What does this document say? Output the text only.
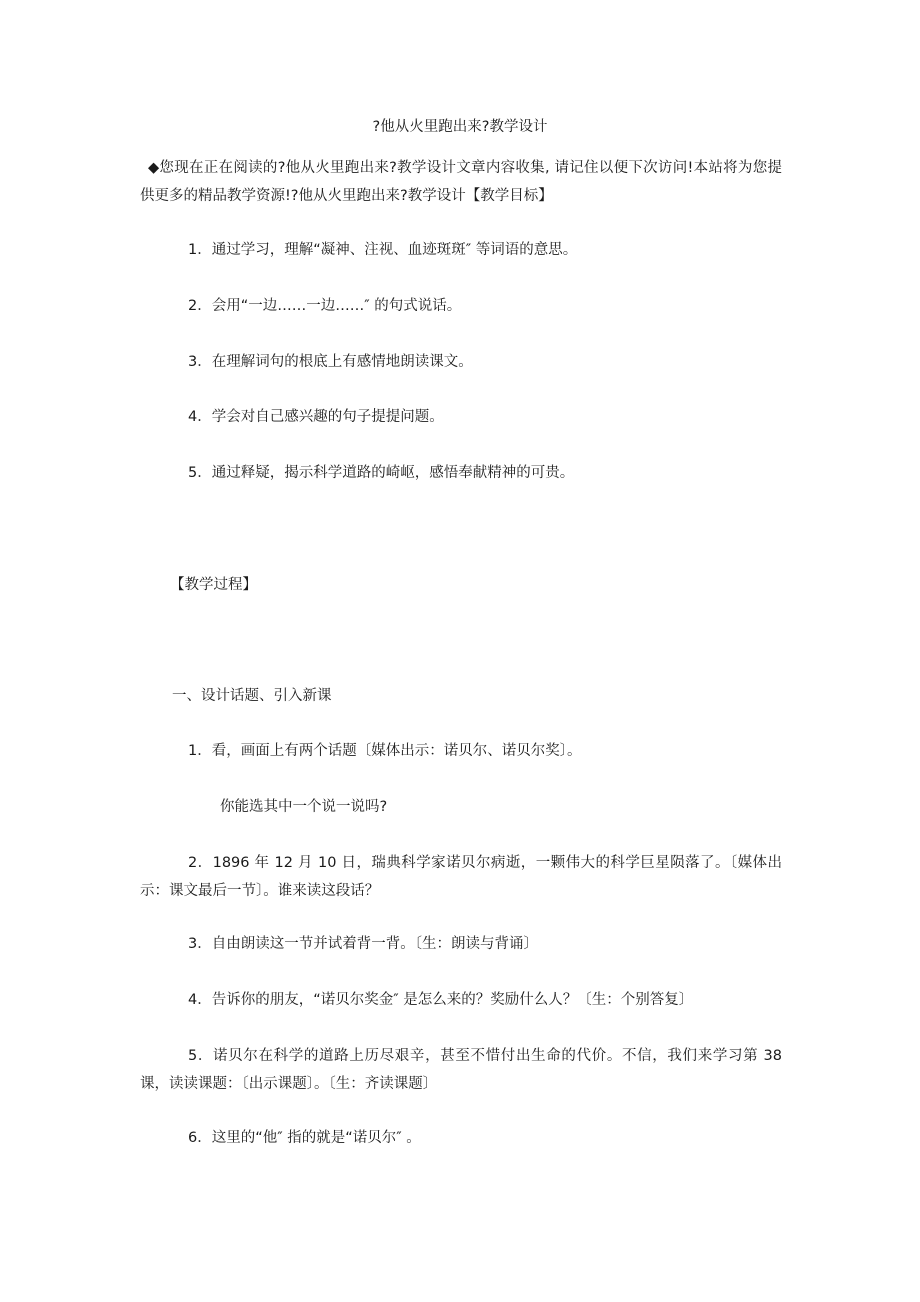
?他从火里跑出来?教学设计

◆您现在正在阅读的?他从火里跑出来?教学设计文章内容收集, 请记住以便下次访问!本站将为您提供更多的精品教学资源!?他从火里跑出来?教学设计【教学目标】

1．通过学习，理解“凝神、注视、血迹斑斑″ 等词语的意思。

2．会用“一边……一边……″ 的句式说话。

3．在理解词句的根底上有感情地朗读课文。

4．学会对自己感兴趣的句子提提问题。

5．通过释疑，揭示科学道路的崎岖，感悟奉献精神的可贵。

【教学过程】

一、设计话题、引入新课

1．看，画面上有两个话题〔媒体出示：诺贝尔、诺贝尔奖〕。

你能选其中一个说一说吗?

2．1896 年 12 月 10 日，瑞典科学家诺贝尔病逝，一颗伟大的科学巨星陨落了。〔媒体出示：课文最后一节〕。谁来读这段话？

3．自由朗读这一节并试着背一背。〔生：朗读与背诵〕

4．告诉你的朋友，“诺贝尔奖金″ 是怎么来的？奖励什么人？〔生：个别答复〕

5．诺贝尔在科学的道路上历尽艰辛，甚至不惜付出生命的代价。不信，我们来学习第 38 课，读读课题：〔出示课题〕。〔生：齐读课题〕

6．这里的“他″ 指的就是“诺贝尔″ 。
